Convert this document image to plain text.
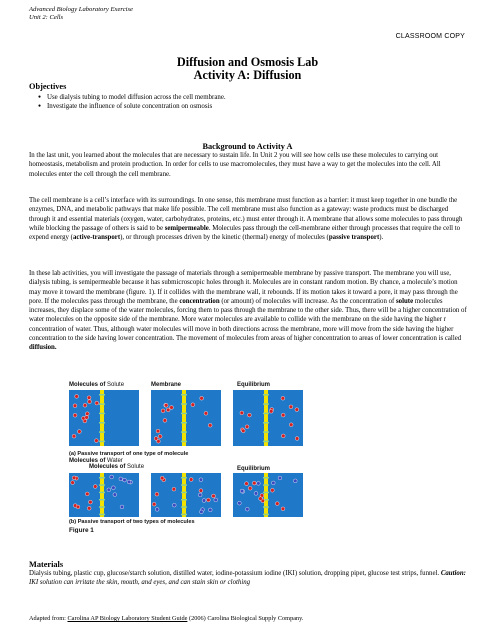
Advanced Biology Laboratory Exercise
Unit 2: Cells
CLASSROOM COPY
Diffusion and Osmosis Lab
Activity A: Diffusion
Objectives
● Use dialysis tubing to model diffusion across the cell membrane.
● Investigate the influence of solute concentration on osmosis
Background to Activity A

In the last unit, you learned about the molecules that are necessary to sustain life. In Unit 2 you will see how cells use these molecules to carrying out homeostasis, metabolism and protein production. In order for cells to use macromolecules, they must have a way to get the molecules into the cell. All molecules enter the cell through the cell membrane.

The cell membrane is a cell’s interface with its surroundings. In one sense, this membrane must function as a barrier: it must keep together in one bundle the enzymes, DNA, and metabolic pathways that make life possible. The cell membrane must also function as a gateway: waste products must be discharged through it and essential materials (oxygen, water, carbohydrates, proteins, etc.) must enter through it. A membrane that allows some molecules to pass through while blocking the passage of others is said to be semipermeable. Molecules pass through the cell-membrane either through processes that require the cell to expend energy (active-transport), or through processes driven by the kinetic (thermal) energy of molecules (passive transport).

In these lab activities, you will investigate the passage of materials through a semipermeable membrane by passive transport. The membrane you will use, dialysis tubing, is semipermeable because it has submicroscopic holes through it. Molecules are in constant random motion. By chance, a molecule’s motion may move it toward the membrane (figure. 1). If it collides with the membrane wall, it rebounds. If its motion takes it toward a pore, it may pass through the pore. If the molecules pass through the membrane, the concentration (or amount) of molecules will increase. As the concentration of solute molecules increases, they displace some of the water molecules, forcing them to pass through the membrane to the other side. Thus, there will be a higher concentration of water molecules on the opposite side of the membrane. More water molecules are available to collide with the membrane on the side having the higher r concentration of water. Thus, although water molecules will move in both directions across the membrane, more will move from the side having the higher concentration to the side having lower concentration. The movement of molecules from areas of higher concentration to areas of lower concentration is called diffusion.

Molecules of Solute	Membrane	Equilibrium
(a) Passive transport of one type of molecule
Molecules of Water
Molecules of Solute	Equilibrium
(b) Passive transport of two types of molecules
Figure 1
Materials

Dialysis tubing, plastic cup, glucose/starch solution, distilled water, iodine-potassium iodine (IKI) solution, dropping pipet, glucose test strips, funnel. Caution: IKI solution can irritate the skin, mouth, and eyes, and can stain skin or clothing

Adapted from: Carolina AP Biology Laboratory Student Guide (2006) Carolina Biological Supply Company.
